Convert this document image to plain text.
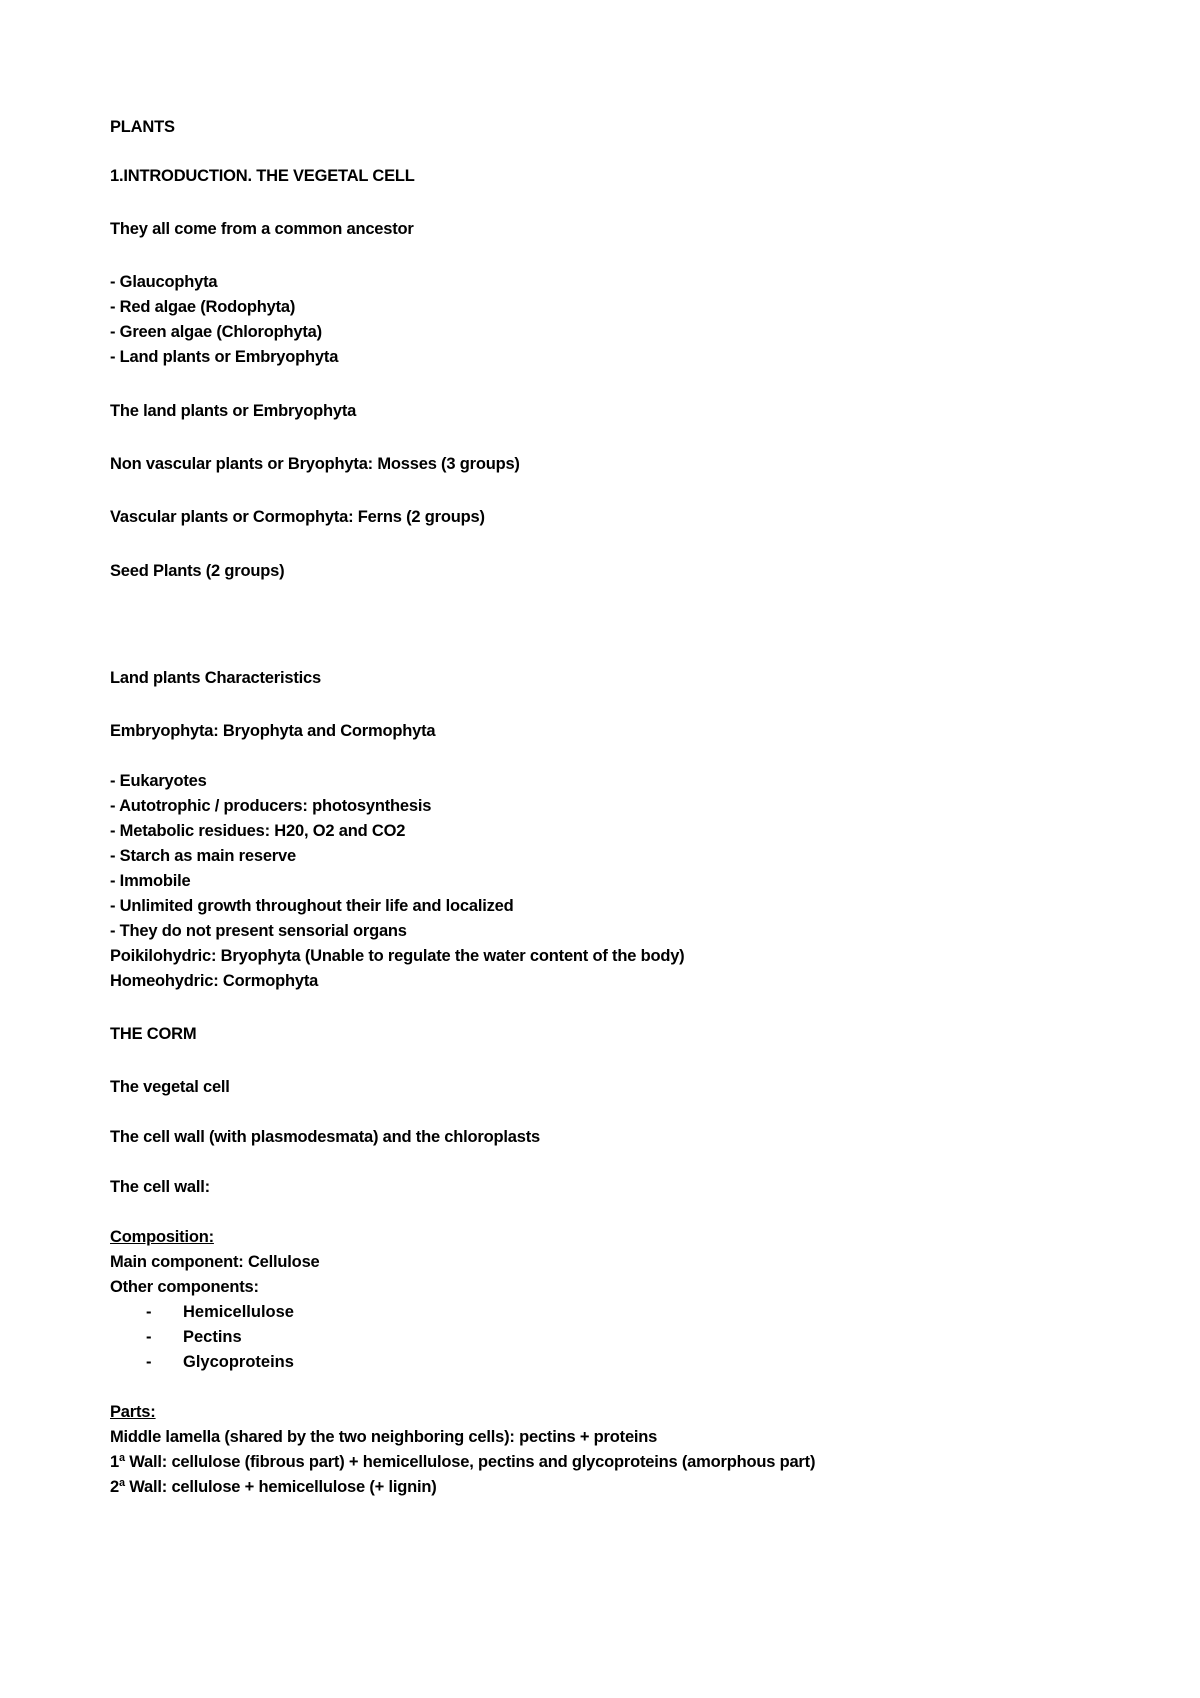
PLANTS
1.INTRODUCTION. THE VEGETAL CELL
They all come from a common ancestor
- Glaucophyta
- Red algae (Rodophyta)
- Green algae (Chlorophyta)
- Land plants or Embryophyta
The land plants or Embryophyta
Non vascular plants or Bryophyta: Mosses (3 groups)
Vascular plants or Cormophyta: Ferns (2 groups)
Seed Plants (2 groups)
Land plants Characteristics
Embryophyta: Bryophyta and Cormophyta
- Eukaryotes
- Autotrophic / producers: photosynthesis
- Metabolic residues: H20, O2 and CO2
- Starch as main reserve
- Immobile
- Unlimited growth throughout their life and localized
- They do not present sensorial organs
Poikilohydric: Bryophyta (Unable to regulate the water content of the body)
Homeohydric: Cormophyta
THE CORM
The vegetal cell
The cell wall (with plasmodesmata) and the chloroplasts
The cell wall:
Composition:
Main component: Cellulose
Other components:
- Hemicellulose
- Pectins
- Glycoproteins
Parts:
Middle lamella (shared by the two neighboring cells): pectins + proteins
1ª Wall: cellulose (fibrous part) + hemicellulose, pectins and glycoproteins (amorphous part)
2ª Wall: cellulose + hemicellulose (+ lignin)
